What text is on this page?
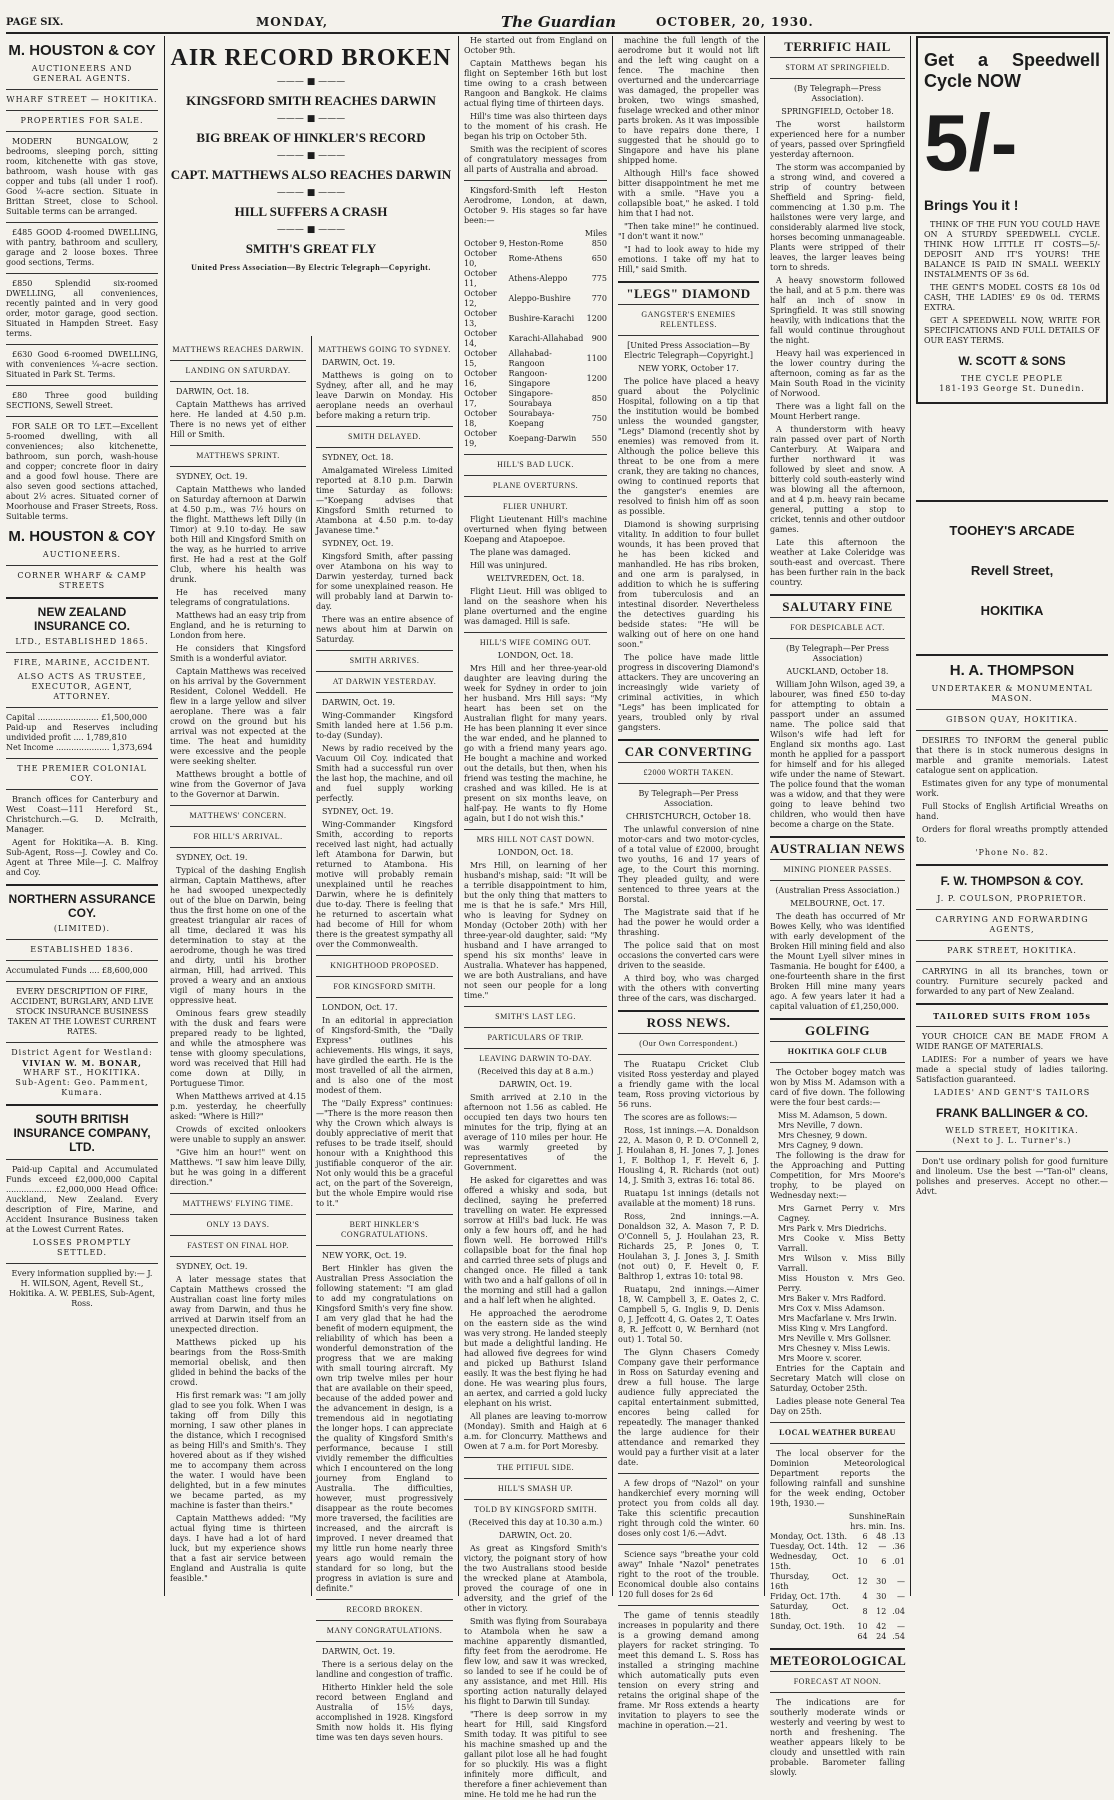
PAGE SIX.	MONDAY,	The Guardian	OCTOBER, 20, 1930.
M. HOUSTON & COY
AUCTIONEERS AND GENERAL AGENTS.
WHARF STREET — HOKITIKA.
PROPERTIES FOR SALE.

MODERN BUNGALOW, 2 bedrooms, sleeping porch, sitting room, kitchenette with gas stove, bathroom, wash house with gas copper and tubs (all under 1 roof). Good ¼-acre section. Situate in Brittan Street, close to School. Suitable terms can be arranged.

£485 GOOD 4-roomed DWELLING, with pantry, bathroom and scullery, garage and 2 loose boxes. Three good sections, Terms.

£850 Splendid six-roomed DWELLING, all conveniences, recently painted and in very good order, motor garage, good section. Situated in Hampden Street. Easy terms.

£630 Good 6-roomed DWELLING, with conveniences ¼-acre section. Situated in Park St. Terms.

£80 Three good building SECTIONS, Sewell Street.

FOR SALE OR TO LET.—Excellent 5-roomed dwelling, with all conveniences; also kitchenette, bathroom, sun porch, wash-house and copper; concrete floor in dairy and a good fowl house. There are also seven good sections attached, about 2½ acres. Situated corner of Moorhouse and Fraser Streets, Ross. Suitable terms.

M. HOUSTON & COY
AUCTIONEERS.
CORNER WHARF & CAMP STREETS
NEW ZEALAND INSURANCE CO.
LTD., ESTABLISHED 1865.
FIRE, MARINE, ACCIDENT.
ALSO ACTS AS TRUSTEE, EXECUTOR, AGENT, ATTORNEY.
Capital ........................ £1,500,000
Paid-up and Reserves including undivided profit .... 1,789,810
Net Income ..................... 1,373,694
THE PREMIER COLONIAL COY.

Branch offices for Canterbury and West Coast—111 Hereford St., Christchurch.—G. D. McIraith, Manager.

Agent for Hokitika—A. B. King. Sub-Agent, Ross—J. Cowley and Co. Agent at Three Mile—J. C. Malfroy and Coy.

NORTHERN ASSURANCE COY.
(LIMITED).
ESTABLISHED 1836.
Accumulated Funds .... £8,600,000

EVERY DESCRIPTION OF FIRE, ACCIDENT, BURGLARY, AND LIVE STOCK INSURANCE BUSINESS TAKEN AT THE LOWEST CURRENT RATES.

District Agent for Westland:
VIVIAN W. M. BONAR,
WHARF ST., HOKITIKA.
Sub-Agent: Geo. Pamment, Kumara.
SOUTH BRITISH INSURANCE COMPANY, LTD.

Paid-up Capital and Accumulated Funds exceed £2,000,000 Capital .................. £2,000,000 Head Office: Auckland, New Zealand. Every description of Fire, Marine, and Accident Insurance Business taken at the Lowest Current Rates.

LOSSES PROMPTLY SETTLED.

Every information supplied by:— J. H. WILSON, Agent, Revell St., Hokitika. A. W. PEBLES, Sub-Agent, Ross.

AIR RECORD BROKEN
——— ■ ———
KINGSFORD SMITH REACHES DARWIN
——— ■ ———
BIG BREAK OF HINKLER'S RECORD
——— ■ ———
CAPT. MATTHEWS ALSO REACHES DARWIN
——— ■ ———
HILL SUFFERS A CRASH
——— ■ ———
SMITH'S GREAT FLY
United Press Association—By Electric Telegraph—Copyright.
MATTHEWS REACHES DARWIN.
LANDING ON SATURDAY.

DARWIN, Oct. 18.

Captain Matthews has arrived here. He landed at 4.50 p.m. There is no news yet of either Hill or Smith.

MATTHEWS SPRINT.

SYDNEY, Oct. 19.

Captain Matthews who landed on Saturday afternoon at Darwin at 4.50 p.m., was 7½ hours on the flight. Matthews left Dilly (in Timor) at 9.10 to-day. He saw both Hill and Kingsford Smith on the way, as he hurried to arrive first. He had a rest at the Golf Club, where his health was drunk.

He has received many telegrams of congratulations.

Matthews had an easy trip from England, and he is returning to London from here.

He considers that Kingsford Smith is a wonderful aviator.

Captain Matthews was received on his arrival by the Government Resident, Colonel Weddell. He flew in a large yellow and silver aeroplane. There was a fair crowd on the ground but his arrival was not expected at the time. The heat and humidity were excessive and the people were seeking shelter.

Matthews brought a bottle of wine from the Governor of Java to the Governor at Darwin.

MATTHEWS' CONCERN.
FOR HILL'S ARRIVAL.

SYDNEY, Oct. 19.

Typical of the dashing English airman, Captain Matthews, after he had swooped unexpectedly out of the blue on Darwin, being thus the first home on one of the greatest triangular air races of all time, declared it was his determination to stay at the aerodrome, though he was tired and dirty, until his brother airman, Hill, had arrived. This proved a weary and an anxious vigil of many hours in the oppressive heat.

Ominous fears grew steadily with the dusk and fears were prepared ready to be lighted, and while the atmosphere was tense with gloomy speculations, word was received that Hill had come down at Dilly, in Portuguese Timor.

When Matthews arrived at 4.15 p.m. yesterday, he cheerfully asked: "Where is Hill?"

Crowds of excited onlookers were unable to supply an answer.

"Give him an hour!" went on Matthews. "I saw him leave Dilly, but he was going in a different direction."

MATTHEWS' FLYING TIME.
ONLY 13 DAYS.
FASTEST ON FINAL HOP.

SYDNEY, Oct. 19.

A later message states that Captain Matthews crossed the Australian coast line forty miles away from Darwin, and thus he arrived at Darwin itself from an unexpected direction.

Matthews picked up his bearings from the Ross-Smith memorial obelisk, and then glided in behind the backs of the crowd.

His first remark was: "I am jolly glad to see you folk. When I was taking off from Dilly this morning, I saw other planes in the distance, which I recognised as being Hill's and Smith's. They hovered about as if they wished me to accompany them across the water. I would have been delighted, but in a few minutes we became parted, as my machine is faster than theirs."

Captain Matthews added: "My actual flying time is thirteen days. I have had a lot of hard luck, but my experience shows that a fast air service between England and Australia is quite feasible."

MATTHEWS GOING TO SYDNEY.

DARWIN, Oct. 19.

Matthews is going on to Sydney, after all, and he may leave Darwin on Monday. His aeroplane needs an overhaul before making a return trip.

SMITH DELAYED.

SYDNEY, Oct. 18.

Amalgamated Wireless Limited reported at 8.10 p.m. Darwin time Saturday as follows:—"Koepang advises that Kingsford Smith returned to Atambona at 4.50 p.m. to-day Javanese time."

SYDNEY, Oct. 19.

Kingsford Smith, after passing over Atambona on his way to Darwin yesterday, turned back for some unexplained reason. He will probably land at Darwin to-day.

There was an entire absence of news about him at Darwin on Saturday.

SMITH ARRIVES.
AT DARWIN YESTERDAY.

DARWIN, Oct. 19.

Wing-Commander Kingsford Smith landed here at 1.56 p.m. to-day (Sunday).

News by radio received by the Vacuum Oil Coy. indicated that Smith had a successful run over the last hop, the machine, and oil and fuel supply working perfectly.

SYDNEY, Oct. 19.

Wing-Commander Kingsford Smith, according to reports received last night, had actually left Atambona for Darwin, but returned to Atambona. His motive will probably remain unexplained until he reaches Darwin, where he is definitely due to-day. There is feeling that he returned to ascertain what had become of Hill for whom there is the greatest sympathy all over the Commonwealth.

KNIGHTHOOD PROPOSED.
FOR KINGSFORD SMITH.

LONDON, Oct. 17.

In an editorial in appreciation of Kingsford-Smith, the "Daily Express" outlines his achievements. His wings, it says, have girdled the earth. He is the most travelled of all the airmen, and is also one of the most modest of them.

The "Daily Express" continues:—"There is the more reason then why the Crown which always is doubly appreciative of merit that refuses to be trade itself, should honour with a Knighthood this justifiable conqueror of the air. Not only would this be a graceful act, on the part of the Sovereign, but the whole Empire would rise to it."

BERT HINKLER'S CONGRATULATIONS.

NEW YORK, Oct. 19.

Bert Hinkler has given the Australian Press Association the following statement: "I am glad to add my congratulations on Kingsford Smith's very fine show. I am very glad that he had the benefit of modern equipment, the reliability of which has been a wonderful demonstration of the progress that we are making with small touring aircraft. My own trip twelve miles per hour that are available on their speed, because of the added power and the advancement in design, is a tremendous aid in negotiating the longer hops. I can appreciate the quality of Kingsford Smith's performance, because I still vividly remember the difficulties which I encountered on the long journey from England to Australia. The difficulties, however, must progressively disappear as the route becomes more traversed, the facilities are increased, and the aircraft is improved. I never dreamed that my little run home nearly three years ago would remain the standard for so long, but the progress in aviation is sure and definite."

RECORD BROKEN.
MANY CONGRATULATIONS.

DARWIN, Oct. 19.

There is a serious delay on the landline and congestion of traffic.

Hitherto Hinkler held the sole record between England and Australia of 15½ days, accomplished in 1928. Kingsford Smith now holds it. His flying time was ten days seven hours.

He started out from England on October 9th.

Captain Matthews began his flight on September 16th but lost time owing to a crash between Rangoon and Bangkok. He claims actual flying time of thirteen days.

Hill's time was also thirteen days to the moment of his crash. He began his trip on October 5th.

Smith was the recipient of scores of congratulatory messages from all parts of Australia and abroad.

Kingsford-Smith left Heston Aerodrome, London, at dawn, October 9. His stages so far have been:—

Miles
October 9,	Heston-Rome	850
October 10,	Rome-Athens	650
October 11,	Athens-Aleppo	775
October 12,	Aleppo-Bushire	770
October 13,	Bushire-Karachi	1200
October 14,	Karachi-Allahabad	900
October 15,	Allahabad-Rangoon	1100
October 16,	Rangoon-Singapore	1200
October 17,	Singapore-Sourabaya	850
October 18,	Sourabaya-Koepang	750
October 19,	Koepang-Darwin	550
HILL'S BAD LUCK.
PLANE OVERTURNS.
FLIER UNHURT.

Flight Lieutenant Hill's machine overturned when flying between Koepang and Atapoepoe.

The plane was damaged.

Hill was uninjured.

WELTVREDEN, Oct. 18.

Flight Lieut. Hill was obliged to land on the seashore when his plane overturned and the engine was damaged. Hill is safe.

HILL'S WIFE COMING OUT.

LONDON, Oct. 18.

Mrs Hill and her three-year-old daughter are leaving during the week for Sydney in order to join her husband. Mrs Hill says: "My heart has been set on the Australian flight for many years. He has been planning it ever since the war ended, and he planned to go with a friend many years ago. He bought a machine and worked out the details, but then, when his friend was testing the machine, he crashed and was killed. He is at present on six months leave, on half-pay. He wants to fly Home again, but I do not wish this."

MRS HILL NOT CAST DOWN.

LONDON, Oct. 18.

Mrs Hill, on learning of her husband's mishap, said: "It will be a terrible disappointment to him, but the only thing that matters to me is that he is safe." Mrs Hill, who is leaving for Sydney on Monday (October 20th) with her three-year-old daughter, said: "My husband and I have arranged to spend his six months' leave in Australia. Whatever has happened, we are both Australians, and have not seen our people for a long time."

SMITH'S LAST LEG.
PARTICULARS OF TRIP.
LEAVING DARWIN TO-DAY.

(Received this day at 8 a.m.)

DARWIN, Oct. 19.

Smith arrived at 2.10 in the afternoon not 1.56 as cabled. He occupied ten days two hours ten minutes for the trip, flying at an average of 110 miles per hour. He was warmly greeted by representatives of the Government.

He asked for cigarettes and was offered a whisky and soda, but declined, saying he preferred travelling on water. He expressed sorrow at Hill's bad luck. He was only a few hours off, and he had flown well. He borrowed Hill's collapsible boat for the final hop and carried three sets of plugs and changed once. He filled a tank with two and a half gallons of oil in the morning and still had a gallon and a half left when he alighted.

He approached the aerodrome on the eastern side as the wind was very strong. He landed steeply but made a delightful landing. He had allowed five degrees for wind and picked up Bathurst Island easily. It was the best flying he had done. He was wearing plus fours, an aertex, and carried a gold lucky elephant on his wrist.

All planes are leaving to-morrow (Monday). Smith and Haigh at 6 a.m. for Cloncurry. Matthews and Owen at 7 a.m. for Port Moresby.

THE PITIFUL SIDE.
HILL'S SMASH UP.
TOLD BY KINGSFORD SMITH.

(Received this day at 10.30 a.m.)

DARWIN, Oct. 20.

As great as Kingsford Smith's victory, the poignant story of how the two Australians stood beside the wrecked plane at Atambola, proved the courage of one in adversity, and the grief of the other in victory.

Smith was flying from Sourabaya to Atambola when he saw a machine apparently dismantled, fifty feet from the aerodrome. He flew low, and saw it was wrecked, so landed to see if he could be of any assistance, and met Hill. His sporting action naturally delayed his flight to Darwin till Sunday.

"There is deep sorrow in my heart for Hill, said Kingsford Smith today. It was pitiful to see his machine smashed up and the gallant pilot lose all he had fought for so pluckily. His was a flight infinitely more difficult, and therefore a finer achievement than mine. He told me he had run the

machine the full length of the aerodrome but it would not lift and the left wing caught on a fence. The machine then overturned and the undercarriage was damaged, the propeller was broken, two wings smashed, fuselage wrecked and other minor parts broken. As it was impossible to have repairs done there, I suggested that he should go to Singapore and have his plane shipped home.

Although Hill's face showed bitter disappointment he met me with a smile. "Have you a collapsible boat," he asked. I told him that I had not.

"Then take mine!" he continued. "I don't want it now."

"I had to look away to hide my emotions. I take off my hat to Hill," said Smith.

"LEGS" DIAMOND
GANGSTER'S ENEMIES RELENTLESS.

[United Press Association—By Electric Telegraph—Copyright.]

NEW YORK, October 17.

The police have placed a heavy guard about the Polyclinic Hospital, following on a tip that the institution would be bombed unless the wounded gangster, "Legs" Diamond (recently shot by enemies) was removed from it. Although the police believe this threat to be one from a mere crank, they are taking no chances, owing to continued reports that the gangster's enemies are resolved to finish him off as soon as possible.

Diamond is showing surprising vitality. In addition to four bullet wounds, it has been proved that he has been kicked and manhandled. He has ribs broken, and one arm is paralysed, in addition to which he is suffering from tuberculosis and an intestinal disorder. Nevertheless the detectives guarding his bedside states: "He will be walking out of here on one hand soon."

The police have made little progress in discovering Diamond's attackers. They are uncovering an increasingly wide variety of criminal activities, in which "Legs" has been implicated for years, troubled only by rival gangsters.

CAR CONVERTING
£2000 WORTH TAKEN.

By Telegraph—Per Press Association.

CHRISTCHURCH, October 18.

The unlawful conversion of nine motor-cars and two motor-cycles, of a total value of £2000, brought two youths, 16 and 17 years of age, to the Court this morning. They pleaded guilty, and were sentenced to three years at the Borstal.

The Magistrate said that if he had the power he would order a thrashing.

The police said that on most occasions the converted cars were driven to the seaside.

A third boy, who was charged with the others with converting three of the cars, was discharged.

ROSS NEWS.
(Our Own Correspondent.)

The Ruatapu Cricket Club visited Ross yesterday and played a friendly game with the local team, Ross proving victorious by 56 runs.

The scores are as follows:—

Ross, 1st innings.—A. Donaldson 22, A. Mason 0, P. D. O'Connell 2, J. Houlahan 8, H. Jones 7, J. Jones 1, F. Bolthop 1, F. Hevelt 6, J. Housling 4, R. Richards (not out) 14, J. Smith 3, extras 16: total 86.

Ruatapu 1st innings (details not available at the moment) 18 runs.

Ross, 2nd innings.—A. Donaldson 32, A. Mason 7, P. D. O'Connell 5, J. Houlahan 23, R. Richards 25, P. Jones 0, T. Houlahan 3, J. Jones 3, J. Smith (not out) 0, F. Hevelt 0, F. Balthrop 1, extras 10: total 98.

Ruatapu, 2nd innings.—Aimer 18, W. Campbell 3, E. Oates 2, C. Campbell 5, G. Inglis 9, D. Denis 0, J. Jeffcott 4, G. Oates 2, T. Oates 8, R. Jeffcott 0, W. Bernhard (not out) 1. Total 50.

The Glynn Chasers Comedy Company gave their performance in Ross on Saturday evening and drew a full house. The large audience fully appreciated the capital entertainment submitted, encores being called for repeatedly. The manager thanked the large audience for their attendance and remarked they would pay a further visit at a later date.

A few drops of "Nazol" on your handkerchief every morning will protect you from colds all day. Take this scientific precaution right through cold the winter. 60 doses only cost 1/6.—Advt.

Science says "breathe your cold away" Inhale "Nazol" penetrates right to the root of the trouble. Economical double also contains 120 full doses for 2s 6d

The game of tennis steadily increases in popularity and there is a growing demand among players for racket stringing. To meet this demand L. S. Ross has installed a stringing machine which automatically puts even tension on every string and retains the original shape of the frame. Mr Ross extends a hearty invitation to players to see the machine in operation.—21.

TERRIFIC HAIL
STORM AT SPRINGFIELD.

(By Telegraph—Press Association).

SPRINGFIELD, October 18.

The worst hailstorm experienced here for a number of years, passed over Springfield yesterday afternoon.

The storm was accompanied by a strong wind, and covered a strip of country between Sheffield and Spring- field, commencing at 1.30 p.m. The hailstones were very large, and considerably alarmed live stock, horses becoming unmanageable. Plants were stripped of their leaves, the larger leaves being torn to shreds.

A heavy snowstorm followed the hail, and at 5 p.m. there was half an inch of snow in Springfield. It was still snowing heavily, with indications that the fall would continue throughout the night.

Heavy hail was experienced in the lower country during the afternoon, coming as far as the Main South Road in the vicinity of Norwood.

There was a light fall on the Mount Herbert range.

A thunderstorm with heavy rain passed over part of North Canterbury. At Waipara and further northward it was followed by sleet and snow. A bitterly cold south-easterly wind was blowing all the afternoon, and at 4 p.m. heavy rain became general, putting a stop to cricket, tennis and other outdoor games.

Late this afternoon the weather at Lake Coleridge was south-east and overcast. There has been further rain in the back country.

SALUTARY FINE
FOR DESPICABLE ACT.

(By Telegraph—Per Press Association)

AUCKLAND, October 18.

William John Wilson, aged 39, a labourer, was fined £50 to-day for attempting to obtain a passport under an assumed name. The police said that Wilson's wife had left for England six months ago. Last month he applied for a passport for himself and for his alleged wife under the name of Stewart. The police found that the woman was a widow, and that they were going to leave behind two children, who would then have become a charge on the State.

AUSTRALIAN NEWS
MINING PIONEER PASSES.

(Australian Press Association.)

MELBOURNE, Oct. 17.

The death has occurred of Mr Bowes Kelly, who was identified with early development of the Broken Hill mining field and also the Mount Lyell silver mines in Tasmania. He bought for £400, a one-fourteenth share in the first Broken Hill mine many years ago. A few years later it had a capital valuation of £1,250,000.

GOLFING
HOKITIKA GOLF CLUB

The October bogey match was won by Miss M. Adamson with a card of five down. The following were the four best cards:—

Miss M. Adamson, 5 down.
Mrs Neville, 7 down.
Mrs Chesney, 9 down.
Mrs Cagney, 9 down.

The following is the draw for the Approaching and Putting Competition, for Mrs Moore's trophy, to be played on Wednesday next:—

Mrs Garnet Perry v. Mrs Cagney.
Mrs Park v. Mrs Diedrichs.
Mrs Cooke v. Miss Betty Varrall.
Mrs Wilson v. Miss Billy Varrall.
Miss Houston v. Mrs Geo. Perry.
Mrs Baker v. Mrs Radford.
Mrs Cox v. Miss Adamson.
Mrs Macfarlane v. Mrs Irwin.
Miss King v. Mrs Langford.
Mrs Neville v. Mrs Gollsner.
Mrs Chesney v. Miss Lewis.
Mrs Moore v. scorer.

Entries for the Captain and Secretary Match will close on Saturday, October 25th.

Ladies please note General Tea Day on 25th.

LOCAL WEATHER BUREAU

The local observer for the Dominion Meteorological Department reports the following rainfall and sunshine for the week ending, October 19th, 1930.—

	Sunshine		Rain
	hrs. min.		Ins.
Monday, Oct. 13th.	6	48	.13
Tuesday, Oct. 14th.	12	—	.36
Wednesday, Oct. 15th.	10	6	.01
Thursday, Oct. 16th	12	30	—
Friday, Oct. 17th.	4	30	—
Saturday, Oct. 18th.	8	12	.04
Sunday, Oct. 19th.	10	42	—
	64	24	.54
METEOROLOGICAL
FORECAST AT NOON.

The indications are for southerly moderate winds or westerly and veering by west to north and freshening. The weather appears likely to be cloudy and unsettled with rain probable. Barometer falling slowly.

Get a Speedwell Cycle NOW
5/- Brings You it !

THINK OF THE FUN YOU COULD HAVE ON A STURDY SPEEDWELL CYCLE. THINK HOW LITTLE IT COSTS—5/- DEPOSIT AND IT'S YOURS! THE BALANCE IS PAID IN SMALL WEEKLY INSTALMENTS OF 3s 6d.

THE GENT'S MODEL COSTS £8 10s 0d CASH, THE LADIES' £9 0s 0d. TERMS EXTRA.

GET A SPEEDWELL NOW, WRITE FOR SPECIFICATIONS AND FULL DETAILS OF OUR EASY TERMS.

W. SCOTT & SONS
THE CYCLE PEOPLE
181-193 George St. Dunedin.
TOOHEY'S ARCADE
Revell Street,
HOKITIKA
H. A. THOMPSON
UNDERTAKER & MONUMENTAL MASON.
GIBSON QUAY, HOKITIKA.

DESIRES TO INFORM the general public that there is in stock numerous designs in marble and granite memorials. Latest catalogue sent on application.

Estimates given for any type of monumental work.

Full Stocks of English Artificial Wreaths on hand.

Orders for floral wreaths promptly attended to.

'Phone No. 82.
F. W. THOMPSON & COY.
J. P. COULSON, PROPRIETOR.
CARRYING AND FORWARDING AGENTS,
PARK STREET, HOKITIKA.

CARRYING in all its branches, town or country. Furniture securely packed and forwarded to any part of New Zealand.

TAILORED SUITS FROM 105s

YOUR CHOICE CAN BE MADE FROM A WIDE RANGE OF MATERIALS.

LADIES: For a number of years we have made a special study of ladies tailoring. Satisfaction guaranteed.

LADIES' AND GENT'S TAILORS
FRANK BALLINGER & CO.
WELD STREET, HOKITIKA.
(Next to J. L. Turner's.)

Don't use ordinary polish for good furniture and linoleum. Use the best —"Tan-ol" cleans, polishes and preserves. Accept no other.—Advt.
